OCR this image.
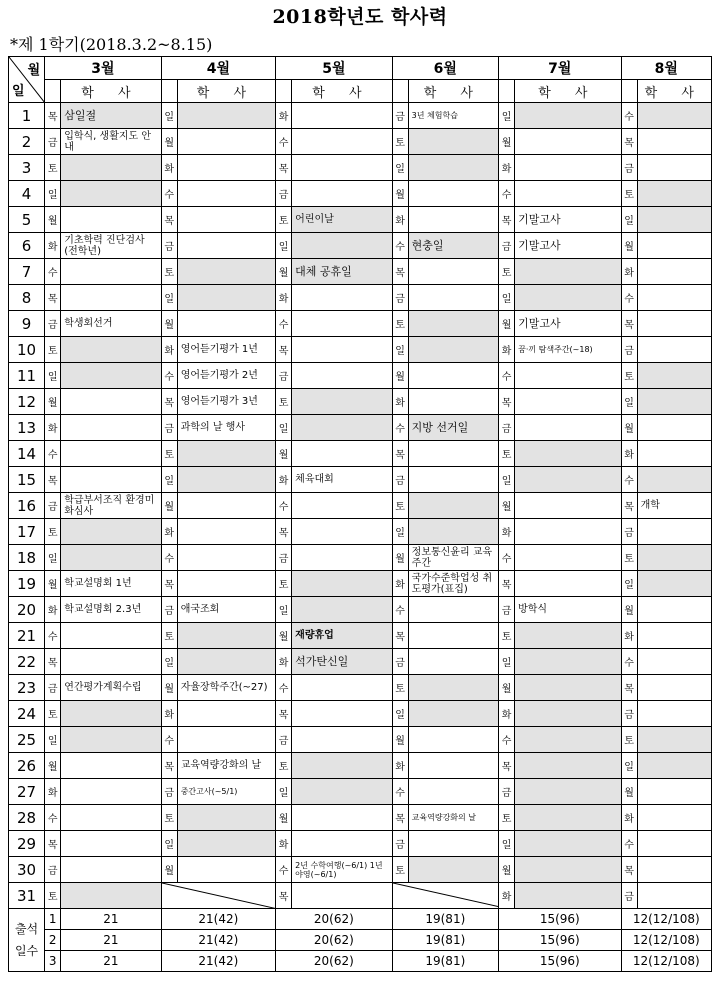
2018학년도 학사력
*제 1학기(2018.3.2~8.15)
월
일	3월		4월		5월		6월		7월		8월	
		학 사		학 사		학 사		학 사		학 사		학 사
1	목	삼일절	일		화		금	3년 체험학습	일		수	
2	금	입학식, 생활지도 안내	월		수		토		월		목	
3	토		화		목		일		화		금	
4	일		수		금		월		수		토	
5	월		목		토	어린이날	화		목	기말고사	일	
6	화	기초학력 진단검사 (전학년)	금		일		수	현충일	금	기말고사	월	
7	수		토		월	대체 공휴일	목		토		화	
8	목		일		화		금		일		수	
9	금	학생회선거	월		수		토		월	기말고사	목	
10	토		화	영어듣기평가 1년	목		일		화	꿈·끼 탐색주간(~18)	금	
11	일		수	영어듣기평가 2년	금		월		수		토	
12	월		목	영어듣기평가 3년	토		화		목		일	
13	화		금	과학의 날 행사	일		수	지방 선거일	금		월	
14	수		토		월		목		토		화	
15	목		일		화	체육대회	금		일		수	
16	금	학급부서조직 환경미화심사	월		수		토		월		목	개학
17	토		화		목		일		화		금	
18	일		수		금		월	정보통신윤리 교육주간	수		토	
19	월	학교설명회 1년	목		토		화	국가수준학업성 취도평가(표집)	목		일	
20	화	학교설명회 2.3년	금	애국조회	일		수		금	방학식	월	
21	수		토		월	재량휴업	목		토		화	
22	목		일		화	석가탄신일	금		일		수	
23	금	연간평가계획수립	월	자율장학주간(~27)	수		토		월		목	
24	토		화		목		일		화		금	
25	일		수		금		월		수		토	
26	월		목	교육역량강화의 날	토		화		목		일	
27	화		금	중간고사(~5/1)	일		수		금		월	
28	수		토		월		목	교육역량강화의 날	토		화	
29	목		일		화		금		일		수	
30	금		월		수	2년 수학여행(~6/1) 1년 야영(~6/1)	토		월		목	
31	토				목				화		금	
출석 일수	1	21	21(42)		20(62)		19(81)		15(96)		12(12/108)	
	2	21	21(42)		20(62)		19(81)		15(96)		12(12/108)	
	3	21	21(42)		20(62)		19(81)		15(96)		12(12/108)	
